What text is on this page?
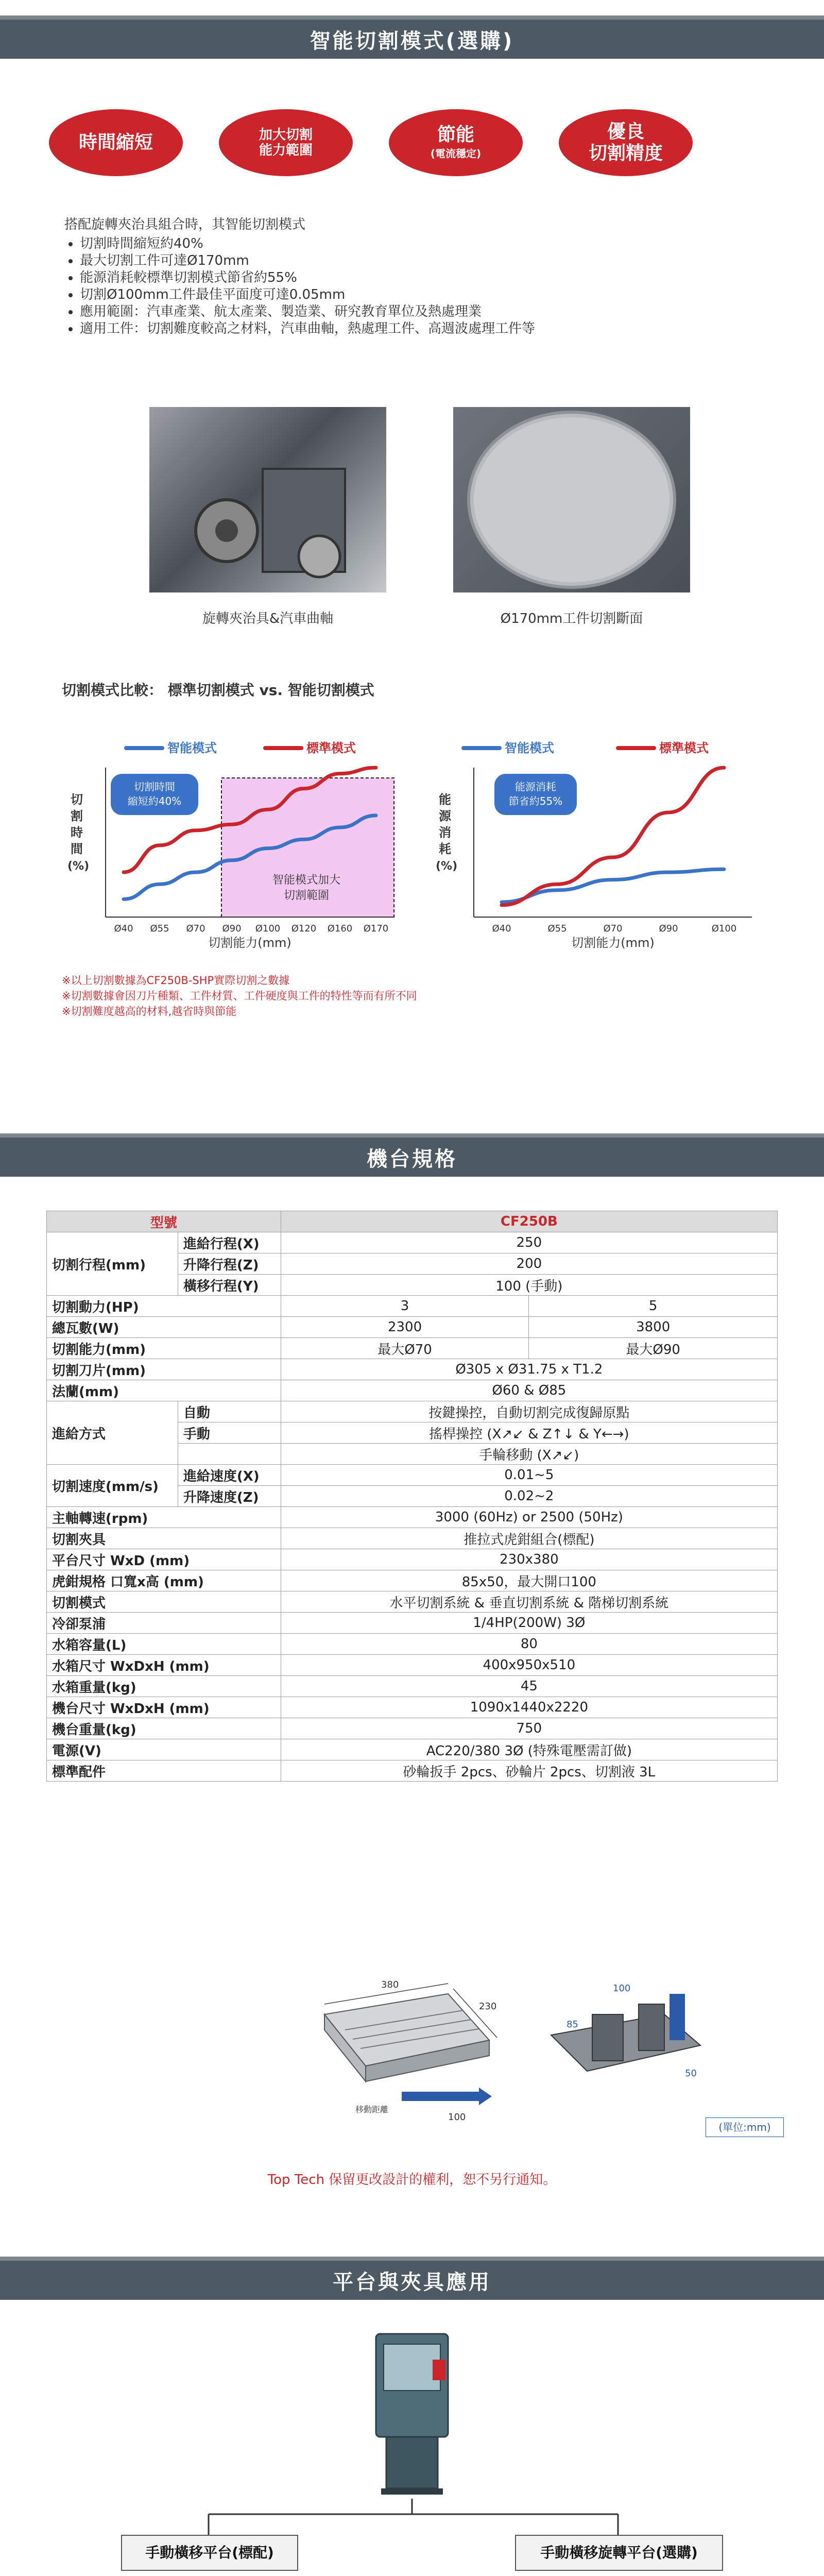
智能切割模式(選購)
時間縮短	加大切割
能力範圍
節能
(電流穩定)
優良
切割精度
搭配旋轉夾治具組合時，其智能切割模式
• 切割時間縮短約40%
• 最大切割工件可達Ø170mm
• 能源消耗較標準切割模式節省約55%
• 切割Ø100mm工件最佳平面度可達0.05mm
• 應用範圍：汽車產業、航太產業、製造業、研究教育單位及熱處理業
• 適用工件：切割難度較高之材料，汽車曲軸，熱處理工件、高週波處理工件等
旋轉夾治具&汽車曲軸	Ø170mm工件切割斷面
切割模式比較： 標準切割模式 vs. 智能切割模式
Ø40 Ø55 Ø70 Ø90 Ø100 Ø120 Ø160 Ø170
切割能力(mm)
切
割
時
間
(%)
智能模式	標準模式
切割時間
縮短約40%
智能模式加大
切割範圍
Ø40	Ø55	Ø70	Ø90	Ø100
切割能力(mm)
能
源
消
耗
(%)
智能模式	標準模式
能源消耗
節省約55%
※以上切割數據為CF250B-SHP實際切割之數據
※切割數據會因刀片種類、工件材質、工件硬度與工件的特性等而有所不同
※切割難度越高的材料,越省時與節能
機台規格
型號		CF250B	
切割行程(mm)	進給行程(X)	250	
	升降行程(Z)	200	
	橫移行程(Y)	100 (手動)	
切割動力(HP)		3	5
總瓦數(W)		2300	3800
切割能力(mm)		最大Ø70	最大Ø90
切割刀片(mm)		Ø305 x Ø31.75 x T1.2	
法蘭(mm)		Ø60 & Ø85	
進給方式	自動	按鍵操控，自動切割完成復歸原點	
	手動	搖桿操控 (X↗↙ & Z↑↓ & Y←→)	
		手輪移動 (X↗↙)	
切割速度(mm/s)	進給速度(X)	0.01~5	
	升降速度(Z)	0.02~2	
主軸轉速(rpm)		3000 (60Hz) or 2500 (50Hz)	
切割夾具		推拉式虎鉗組合(標配)	
平台尺寸 WxD (mm)		230x380	
虎鉗規格 口寬x高 (mm)		85x50，最大開口100	
切割模式		水平切割系統 & 垂直切割系統 & 階梯切割系統	
冷卻泵浦		1/4HP(200W) 3Ø	
水箱容量(L)		80	
水箱尺寸 WxDxH (mm)		400x950x510	
水箱重量(kg)		45	
機台尺寸 WxDxH (mm)		1090x1440x2220	
機台重量(kg)		750	
電源(V)		AC220/380 3Ø (特殊電壓需訂做)	
標準配件		砂輪扳手 2pcs、砂輪片 2pcs、切割液 3L	
380
230
100
移動距離
100
85
50
(單位:mm)
Top Tech 保留更改設計的權利，恕不另行通知。
平台與夾具應用
手動橫移平台(標配)	手動橫移旋轉平台(選購)
